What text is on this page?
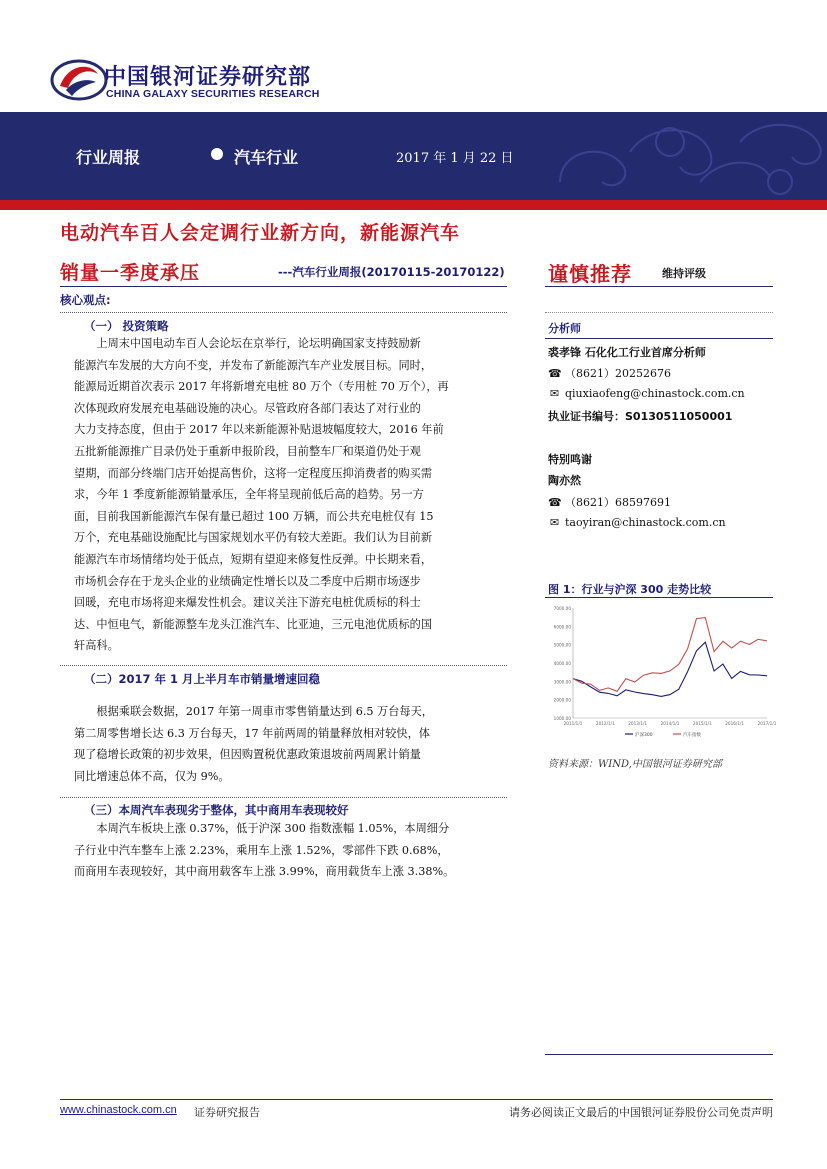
中国银河证券研究部
CHINA GALAXY SECURITIES RESEARCH
行业周报	汽车行业	2017 年 1 月 22 日
电动汽车百人会定调行业新方向，新能源汽车
销量一季度承压	---汽车行业周报(20170115-20170122) 谨慎推荐	维持评级
核心观点:
（一） 投资策略
　　上周末中国电动车百人会论坛在京举行，论坛明确国家支持鼓励新
能源汽车发展的大方向不变，并发布了新能源汽车产业发展目标。同时，
能源局近期首次表示 2017 年将新增充电桩 80 万个（专用桩 70 万个），再
次体现政府发展充电基础设施的决心。尽管政府各部门表达了对行业的
大力支持态度，但由于 2017 年以来新能源补贴退坡幅度较大，2016 年前
五批新能源推广目录仍处于重新申报阶段，目前整车厂和渠道仍处于观
望期，而部分终端门店开始提高售价，这将一定程度压抑消费者的购买需
求，今年 1 季度新能源销量承压，全年将呈现前低后高的趋势。另一方
面，目前我国新能源汽车保有量已超过 100 万辆，而公共充电桩仅有 15
万个，充电基础设施配比与国家规划水平仍有较大差距。我们认为目前新
能源汽车市场情绪均处于低点，短期有望迎来修复性反弹。中长期来看，
市场机会存在于龙头企业的业绩确定性增长以及二季度中后期市场逐步
回暖，充电市场将迎来爆发性机会。建议关注下游充电桩优质标的科士
达、中恒电气，新能源整车龙头江淮汽车、比亚迪，三元电池优质标的国
轩高科。
（二）2017 年 1 月上半月车市销量增速回稳
　　根据乘联会数据，2017 年第一周車市零售销量达到 6.5 万台每天，
第二周零售增长达 6.3 万台每天，17 年前两周的销量释放相对较快，体
现了稳增长政策的初步效果，但因购置税优惠政策退坡前两周累计销量
同比增速总体不高，仅为 9%。
（三）本周汽车表现劣于整体，其中商用车表现较好
　　本周汽车板块上涨 0.37%，低于沪深 300 指数涨幅 1.05%，本周细分
子行业中汽车整车上涨 2.23%，乘用车上涨 1.52%，零部件下跌 0.68%，
而商用车表现较好，其中商用载客车上涨 3.99%，商用载货车上涨 3.38%。
分析师
裘孝锋 石化化工行业首席分析师
☎ （8621）20252676
✉ qiuxiaofeng@chinastock.com.cn
执业证书编号：S0130511050001
特别鸣谢
陶亦然
☎ （8621）68597691
✉ taoyiran@chinastock.com.cn
图 1：行业与沪深 300 走势比较
7000.00
6000.00
5000.00
4000.00
3000.00
2000.00
1000.00
2011/1/1	2012/1/1	2013/1/1	2014/1/1	2015/1/1	2016/1/1	2017/1/1
沪深300	汽车指数
资料来源：WIND,中国银河证券研究部
www.chinastock.com.cn 证券研究报告	请务必阅读正文最后的中国银河证券股份公司免责声明
